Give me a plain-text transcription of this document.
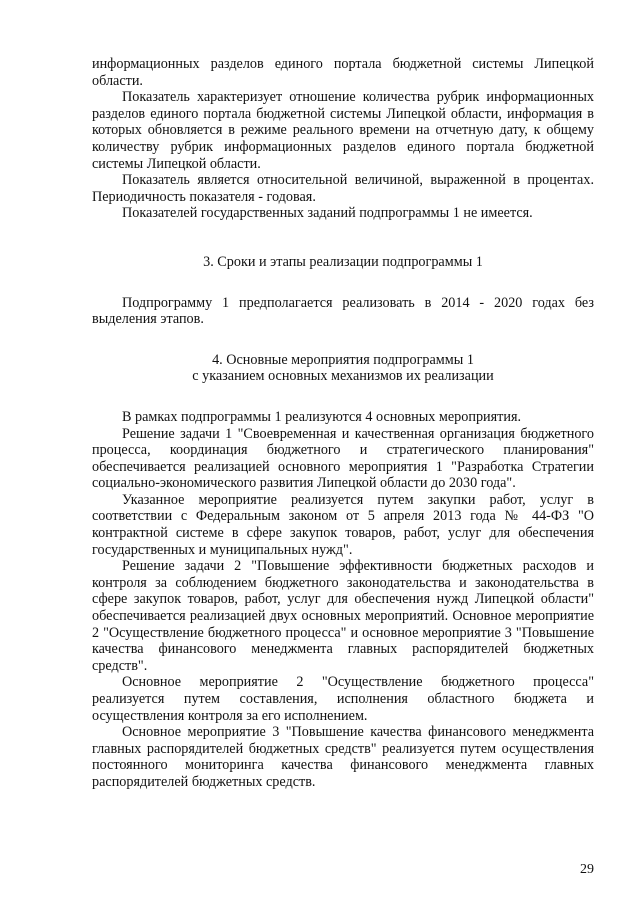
информационных разделов единого портала бюджетной системы Липецкой области.

Показатель характеризует отношение количества рубрик информационных разделов единого портала бюджетной системы Липецкой области, информация в которых обновляется в режиме реального времени на отчетную дату, к общему количеству рубрик информационных разделов единого портала бюджетной системы Липецкой области.

Показатель является относительной величиной, выраженной в процентах. Периодичность показателя - годовая.

Показателей государственных заданий подпрограммы 1 не имеется.

3. Сроки и этапы реализации подпрограммы 1

Подпрограмму 1 предполагается реализовать в 2014 - 2020 годах без выделения этапов.

4. Основные мероприятия подпрограммы 1
с указанием основных механизмов их реализации

В рамках подпрограммы 1 реализуются 4 основных мероприятия.

Решение задачи 1 "Своевременная и качественная организация бюджетного процесса, координация бюджетного и стратегического планирования" обеспечивается реализацией основного мероприятия 1 "Разработка Стратегии социально-экономического развития Липецкой области до 2030 года".

Указанное мероприятие реализуется путем закупки работ, услуг в соответствии с Федеральным законом от 5 апреля 2013 года № 44-ФЗ "О контрактной системе в сфере закупок товаров, работ, услуг для обеспечения государственных и муниципальных нужд".

Решение задачи 2 "Повышение эффективности бюджетных расходов и контроля за соблюдением бюджетного законодательства и законодательства в сфере закупок товаров, работ, услуг для обеспечения нужд Липецкой области" обеспечивается реализацией двух основных мероприятий. Основное мероприятие 2 "Осуществление бюджетного процесса" и основное мероприятие 3 "Повышение качества финансового менеджмента главных распорядителей бюджетных средств".

Основное мероприятие 2 "Осуществление бюджетного процесса" реализуется путем составления, исполнения областного бюджета и осуществления контроля за его исполнением.

Основное мероприятие 3 "Повышение качества финансового менеджмента главных распорядителей бюджетных средств" реализуется путем осуществления постоянного мониторинга качества финансового менеджмента главных распорядителей бюджетных средств.

29
